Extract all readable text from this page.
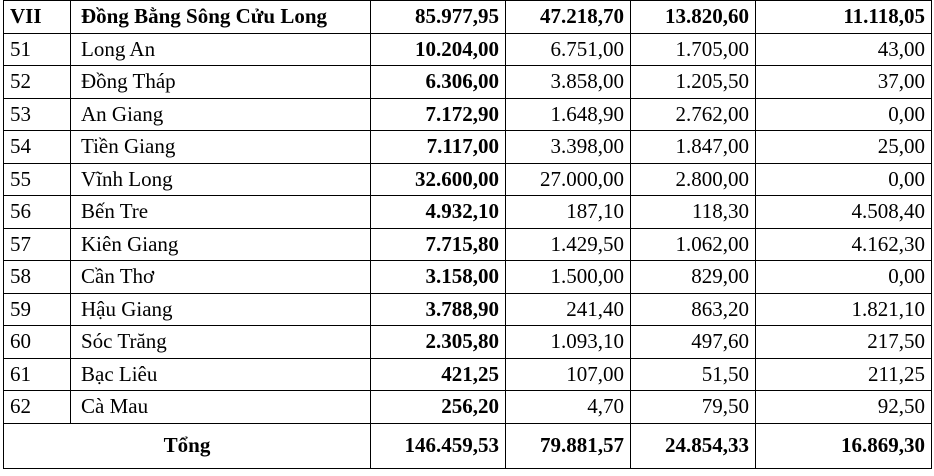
VII	Đồng Bằng Sông Cửu Long	85.977,95	47.218,70	13.820,60	11.118,05
51	Long An	10.204,00	6.751,00	1.705,00	43,00
52	Đồng Tháp	6.306,00	3.858,00	1.205,50	37,00
53	An Giang	7.172,90	1.648,90	2.762,00	0,00
54	Tiền Giang	7.117,00	3.398,00	1.847,00	25,00
55	Vĩnh Long	32.600,00	27.000,00	2.800,00	0,00
56	Bến Tre	4.932,10	187,10	118,30	4.508,40
57	Kiên Giang	7.715,80	1.429,50	1.062,00	4.162,30
58	Cần Thơ	3.158,00	1.500,00	829,00	0,00
59	Hậu Giang	3.788,90	241,40	863,20	1.821,10
60	Sóc Trăng	2.305,80	1.093,10	497,60	217,50
61	Bạc Liêu	421,25	107,00	51,50	211,25
62	Cà Mau	256,20	4,70	79,50	92,50
Tổng		146.459,53	79.881,57	24.854,33	16.869,30
